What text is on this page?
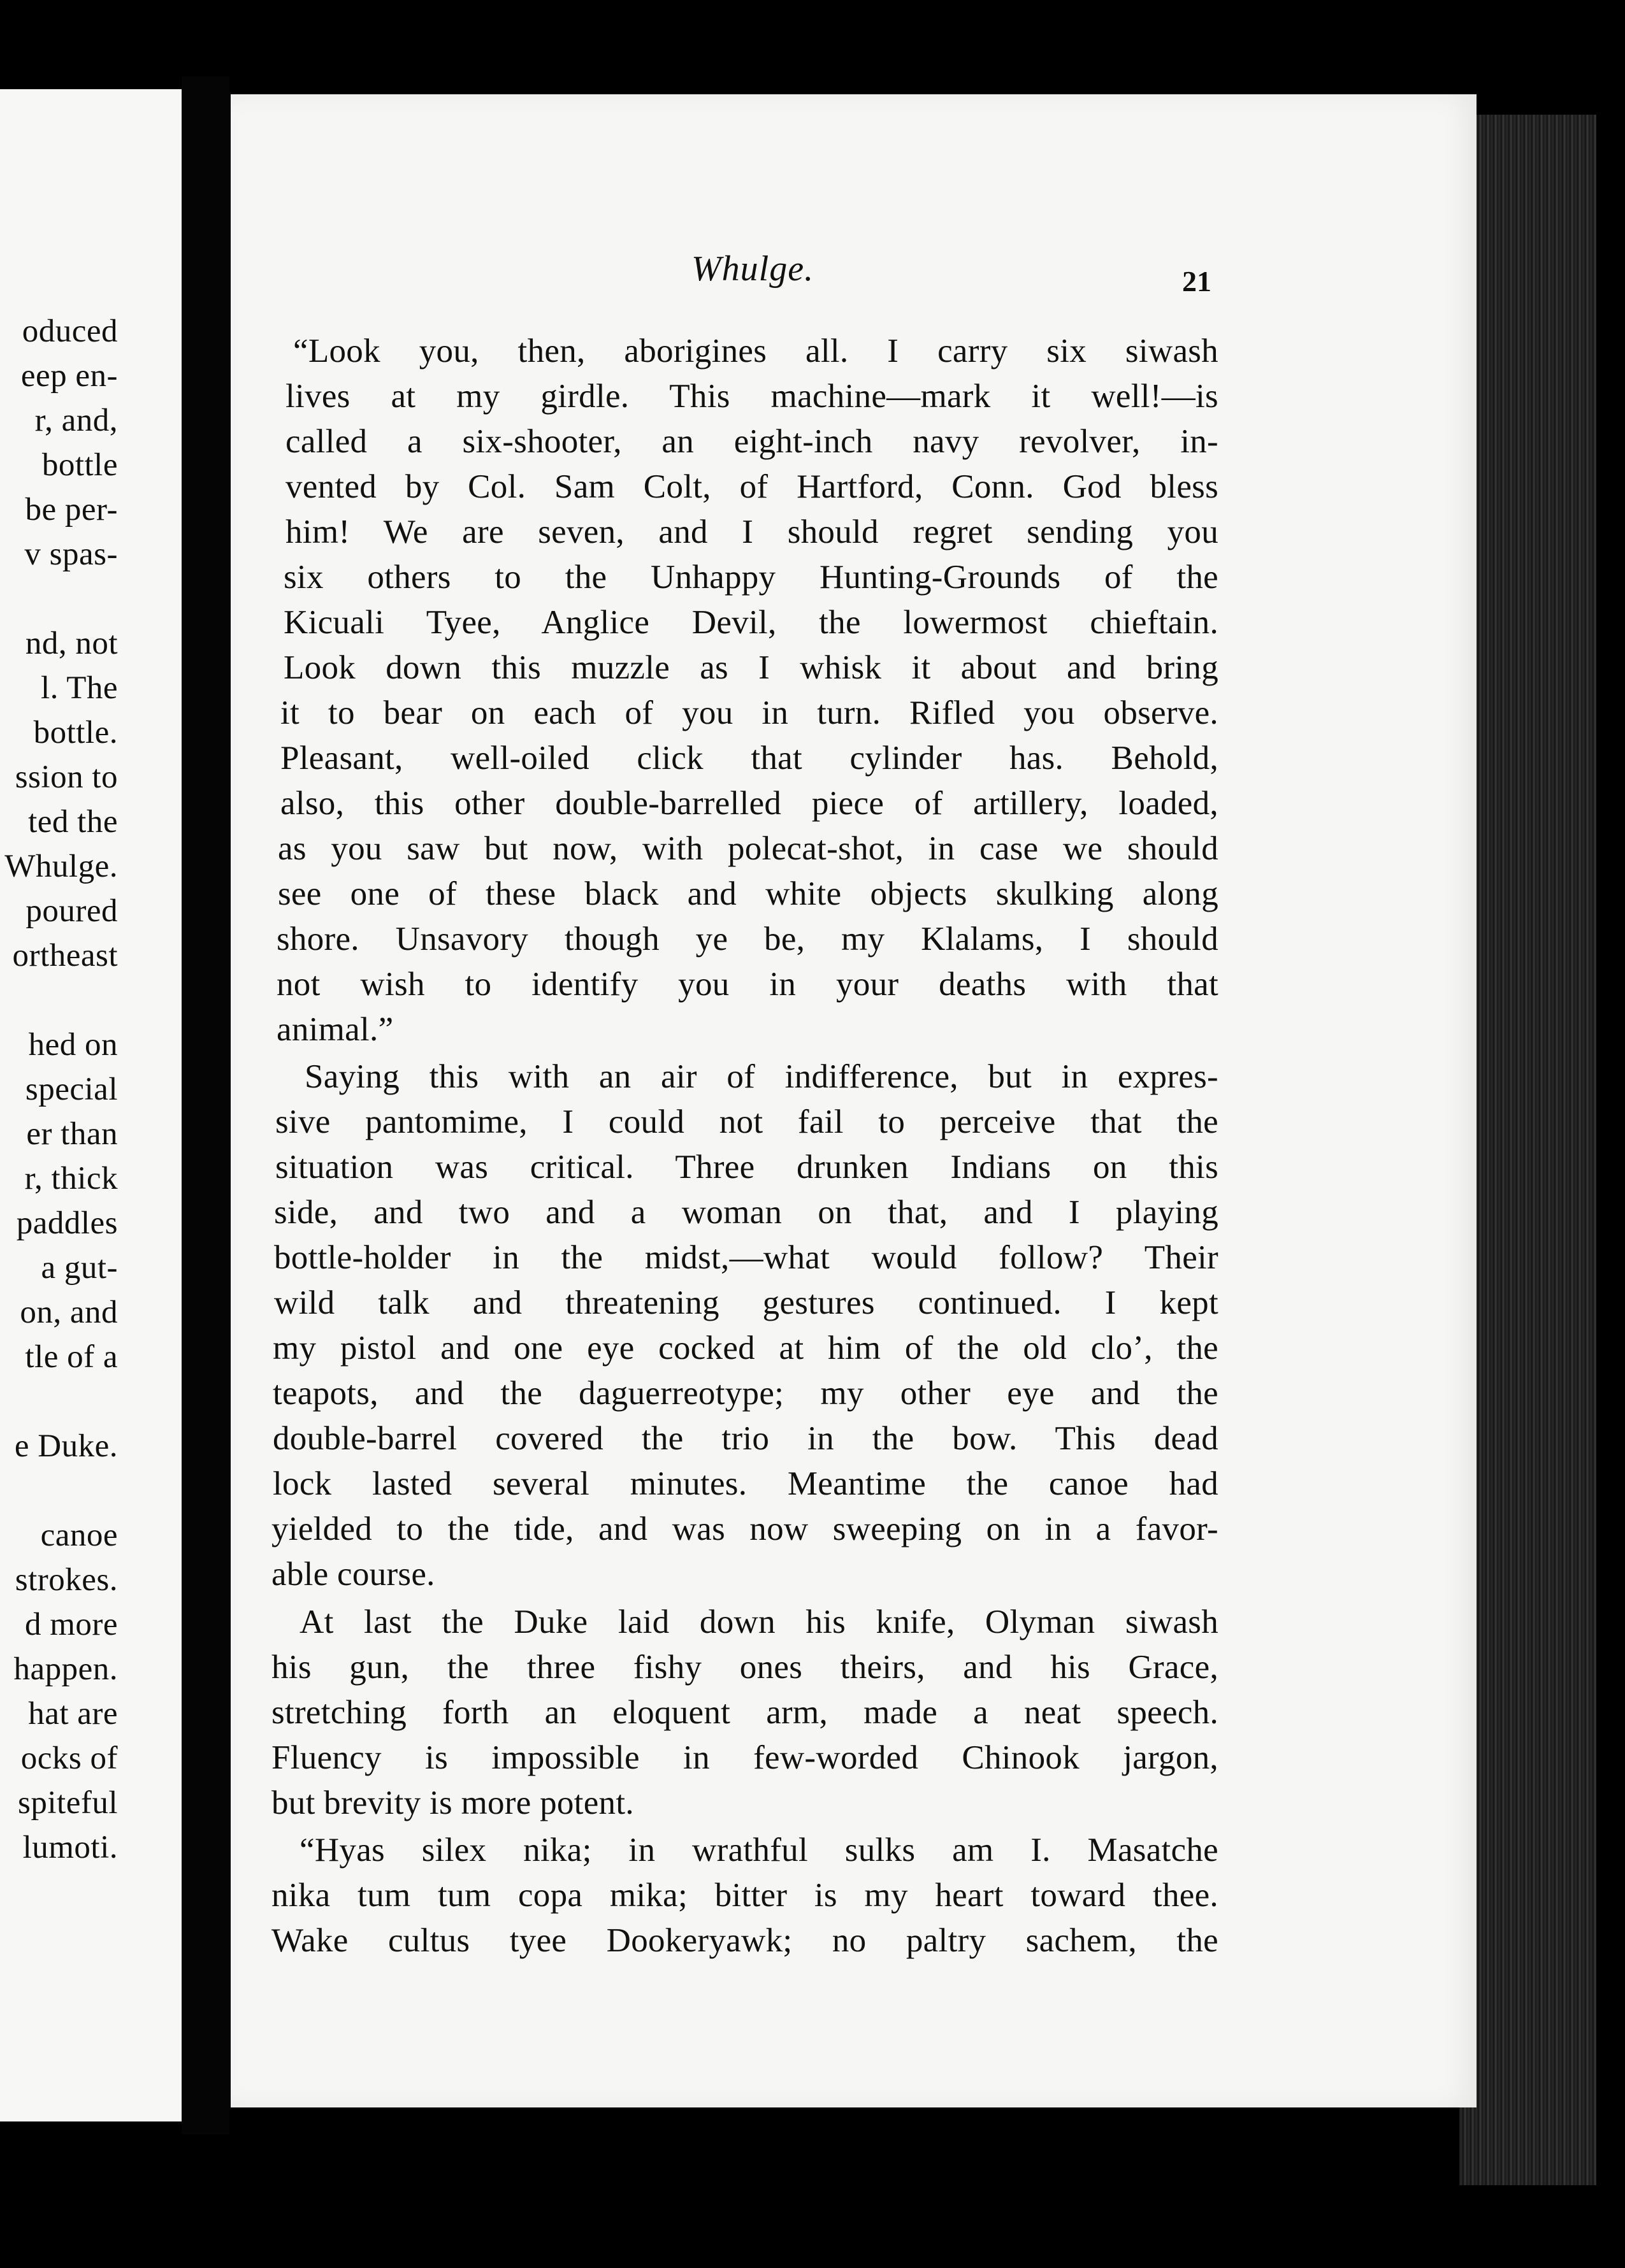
oduced
eep en-
r, and,
bottle
be per-
v spas-
nd, not
l. The
bottle.
ssion to
ted the
Whulge.
poured
ortheast
hed on
special
er than
r, thick
paddles
a gut-
on, and
tle of a
e Duke.
canoe
strokes.
d more
happen.
hat are
ocks of
spiteful
lumoti.
Whulge.	21
“Look you, then, aborigines all. I carry six siwash
lives at my girdle. This machine—mark it well!—is
called a six-shooter, an eight-inch navy revolver, in-
vented by Col. Sam Colt, of Hartford, Conn. God bless
him! We are seven, and I should regret sending you
six others to the Unhappy Hunting-Grounds of the
Kicuali Tyee, Anglice Devil, the lowermost chieftain.
Look down this muzzle as I whisk it about and bring
it to bear on each of you in turn. Rifled you observe.
Pleasant, well-oiled click that cylinder has. Behold,
also, this other double-barrelled piece of artillery, loaded,
as you saw but now, with polecat-shot, in case we should
see one of these black and white objects skulking along
shore. Unsavory though ye be, my Klalams, I should
not wish to identify you in your deaths with that
animal.”
Saying this with an air of indifference, but in expres-
sive pantomime, I could not fail to perceive that the
situation was critical. Three drunken Indians on this
side, and two and a woman on that, and I playing
bottle-holder in the midst,—what would follow? Their
wild talk and threatening gestures continued. I kept
my pistol and one eye cocked at him of the old clo’, the
teapots, and the daguerreotype; my other eye and the
double-barrel covered the trio in the bow. This dead
lock lasted several minutes. Meantime the canoe had
yielded to the tide, and was now sweeping on in a favor-
able course.
At last the Duke laid down his knife, Olyman siwash
his gun, the three fishy ones theirs, and his Grace,
stretching forth an eloquent arm, made a neat speech.
Fluency is impossible in few-worded Chinook jargon,
but brevity is more potent.
“Hyas silex nika; in wrathful sulks am I. Masatche
nika tum tum copa mika; bitter is my heart toward thee.
Wake cultus tyee Dookeryawk; no paltry sachem, the
